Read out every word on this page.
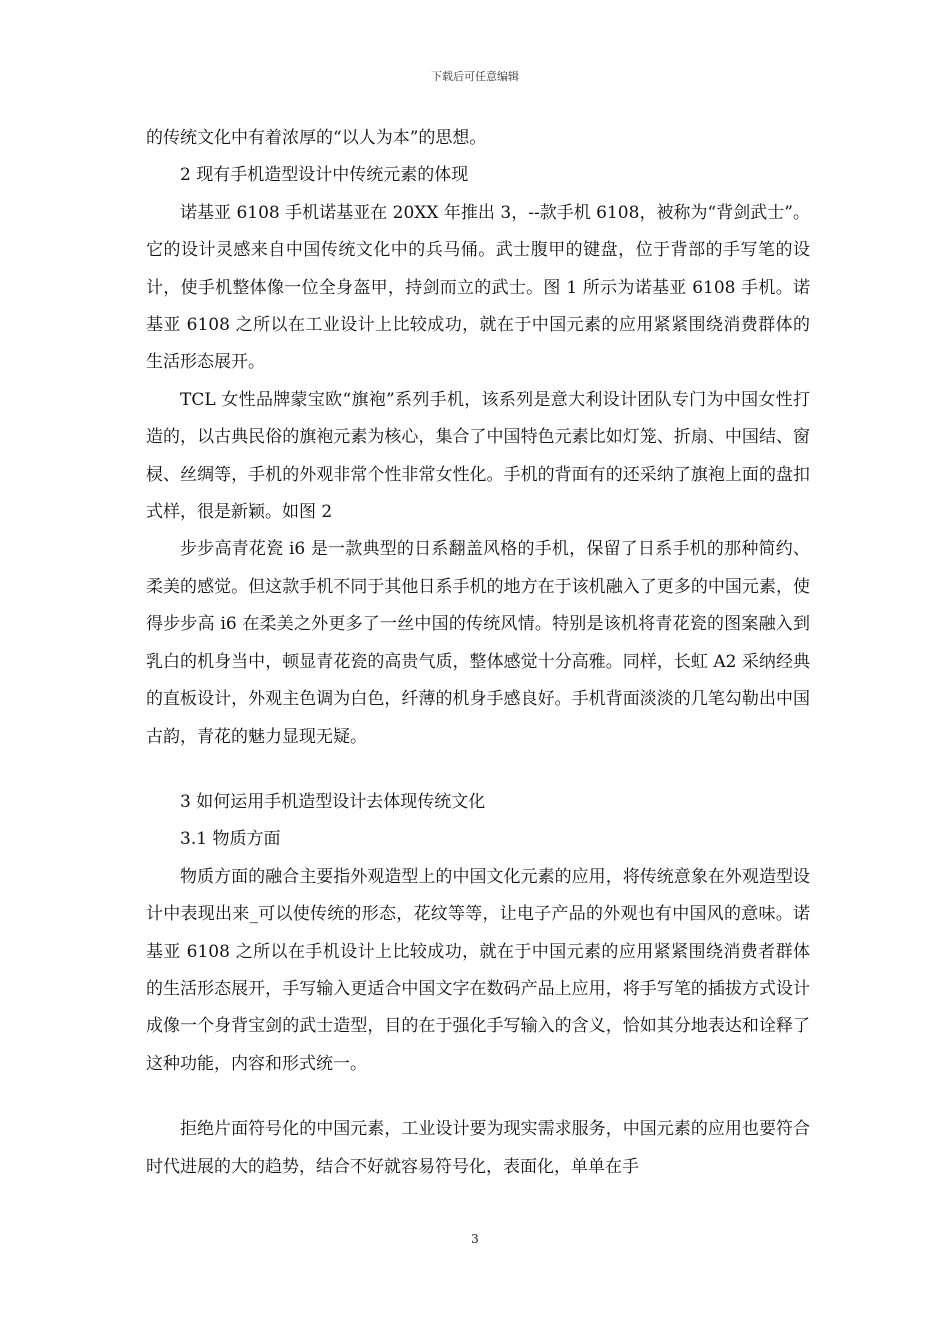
下载后可任意编辑

的传统文化中有着浓厚的“以人为本”的思想。

2 现有手机造型设计中传统元素的体现

诺基亚 6108 手机诺基亚在 20XX 年推出 3，--款手机 6108，被称为“背剑武士”。它的设计灵感来自中国传统文化中的兵马俑。武士腹甲的键盘，位于背部的手写笔的设计，使手机整体像一位全身盔甲，持剑而立的武士。图 1 所示为诺基亚 6108 手机。诺基亚 6108 之所以在工业设计上比较成功，就在于中国元素的应用紧紧围绕消费群体的生活形态展开。

TCL 女性品牌蒙宝欧“旗袍”系列手机，该系列是意大利设计团队专门为中国女性打造的，以古典民俗的旗袍元素为核心，集合了中国特色元素比如灯笼、折扇、中国结、窗棂、丝绸等，手机的外观非常个性非常女性化。手机的背面有的还采纳了旗袍上面的盘扣式样，很是新颖。如图 2

步步高青花瓷 i6 是一款典型的日系翻盖风格的手机，保留了日系手机的那种简约、柔美的感觉。但这款手机不同于其他日系手机的地方在于该机融入了更多的中国元素，使得步步高 i6 在柔美之外更多了一丝中国的传统风情。特别是该机将青花瓷的图案融入到乳白的机身当中，顿显青花瓷的高贵气质，整体感觉十分高雅。同样，长虹 A2 采纳经典的直板设计，外观主色调为白色，纤薄的机身手感良好。手机背面淡淡的几笔勾勒出中国古韵，青花的魅力显现无疑。

3 如何运用手机造型设计去体现传统文化

3.1 物质方面

物质方面的融合主要指外观造型上的中国文化元素的应用，将传统意象在外观造型设计中表现出来_可以使传统的形态，花纹等等，让电子产品的外观也有中国风的意味。诺基亚 6108 之所以在手机设计上比较成功，就在于中国元素的应用紧紧围绕消费者群体的生活形态展开，手写输入更适合中国文字在数码产品上应用，将手写笔的插拔方式设计成像一个身背宝剑的武士造型，目的在于强化手写输入的含义，恰如其分地表达和诠释了这种功能，内容和形式统一。

拒绝片面符号化的中国元素，工业设计要为现实需求服务，中国元素的应用也要符合时代进展的大的趋势，结合不好就容易符号化，表面化，单单在手

3
